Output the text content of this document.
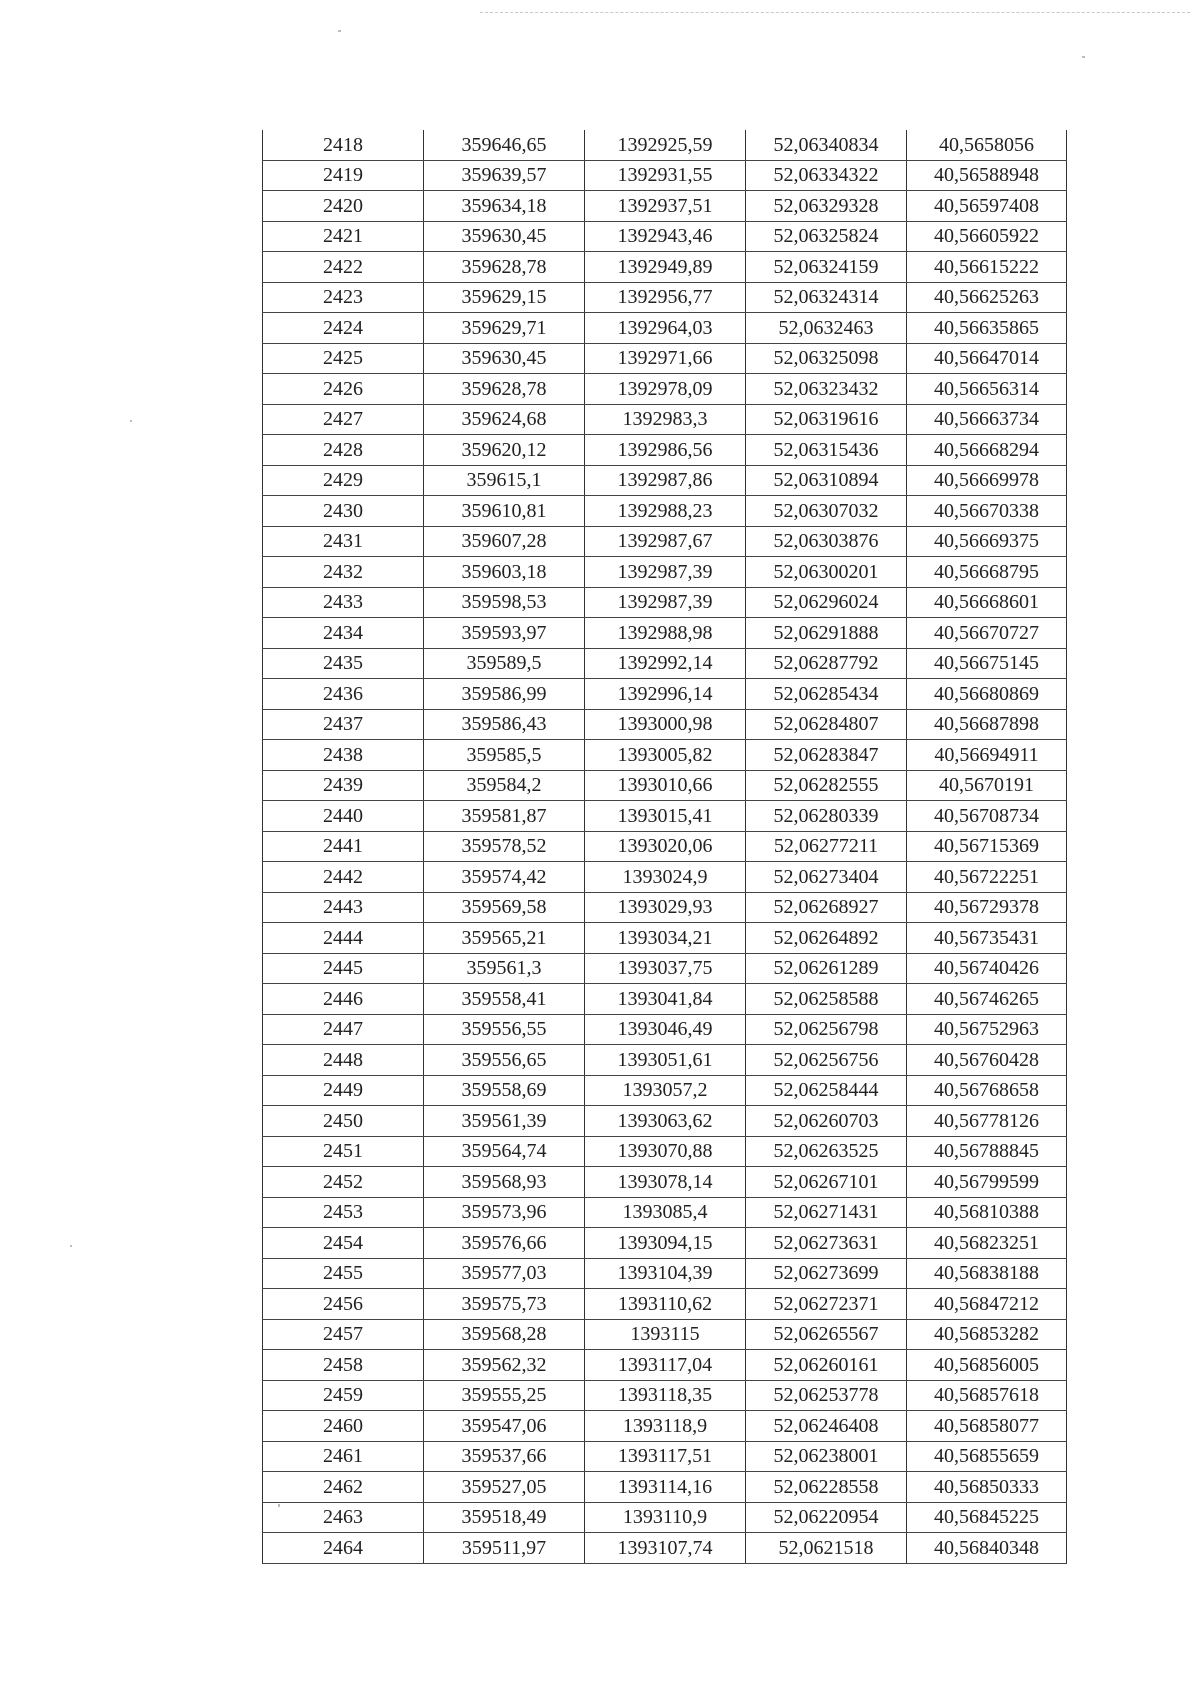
2418	359646,65	1392925,59	52,06340834	40,5658056
2419	359639,57	1392931,55	52,06334322	40,56588948
2420	359634,18	1392937,51	52,06329328	40,56597408
2421	359630,45	1392943,46	52,06325824	40,56605922
2422	359628,78	1392949,89	52,06324159	40,56615222
2423	359629,15	1392956,77	52,06324314	40,56625263
2424	359629,71	1392964,03	52,0632463	40,56635865
2425	359630,45	1392971,66	52,06325098	40,56647014
2426	359628,78	1392978,09	52,06323432	40,56656314
2427	359624,68	1392983,3	52,06319616	40,56663734
2428	359620,12	1392986,56	52,06315436	40,56668294
2429	359615,1	1392987,86	52,06310894	40,56669978
2430	359610,81	1392988,23	52,06307032	40,56670338
2431	359607,28	1392987,67	52,06303876	40,56669375
2432	359603,18	1392987,39	52,06300201	40,56668795
2433	359598,53	1392987,39	52,06296024	40,56668601
2434	359593,97	1392988,98	52,06291888	40,56670727
2435	359589,5	1392992,14	52,06287792	40,56675145
2436	359586,99	1392996,14	52,06285434	40,56680869
2437	359586,43	1393000,98	52,06284807	40,56687898
2438	359585,5	1393005,82	52,06283847	40,56694911
2439	359584,2	1393010,66	52,06282555	40,5670191
2440	359581,87	1393015,41	52,06280339	40,56708734
2441	359578,52	1393020,06	52,06277211	40,56715369
2442	359574,42	1393024,9	52,06273404	40,56722251
2443	359569,58	1393029,93	52,06268927	40,56729378
2444	359565,21	1393034,21	52,06264892	40,56735431
2445	359561,3	1393037,75	52,06261289	40,56740426
2446	359558,41	1393041,84	52,06258588	40,56746265
2447	359556,55	1393046,49	52,06256798	40,56752963
2448	359556,65	1393051,61	52,06256756	40,56760428
2449	359558,69	1393057,2	52,06258444	40,56768658
2450	359561,39	1393063,62	52,06260703	40,56778126
2451	359564,74	1393070,88	52,06263525	40,56788845
2452	359568,93	1393078,14	52,06267101	40,56799599
2453	359573,96	1393085,4	52,06271431	40,56810388
2454	359576,66	1393094,15	52,06273631	40,56823251
2455	359577,03	1393104,39	52,06273699	40,56838188
2456	359575,73	1393110,62	52,06272371	40,56847212
2457	359568,28	1393115	52,06265567	40,56853282
2458	359562,32	1393117,04	52,06260161	40,56856005
2459	359555,25	1393118,35	52,06253778	40,56857618
2460	359547,06	1393118,9	52,06246408	40,56858077
2461	359537,66	1393117,51	52,06238001	40,56855659
2462	359527,05	1393114,16	52,06228558	40,56850333
2463	359518,49	1393110,9	52,06220954	40,56845225
2464	359511,97	1393107,74	52,0621518	40,56840348
